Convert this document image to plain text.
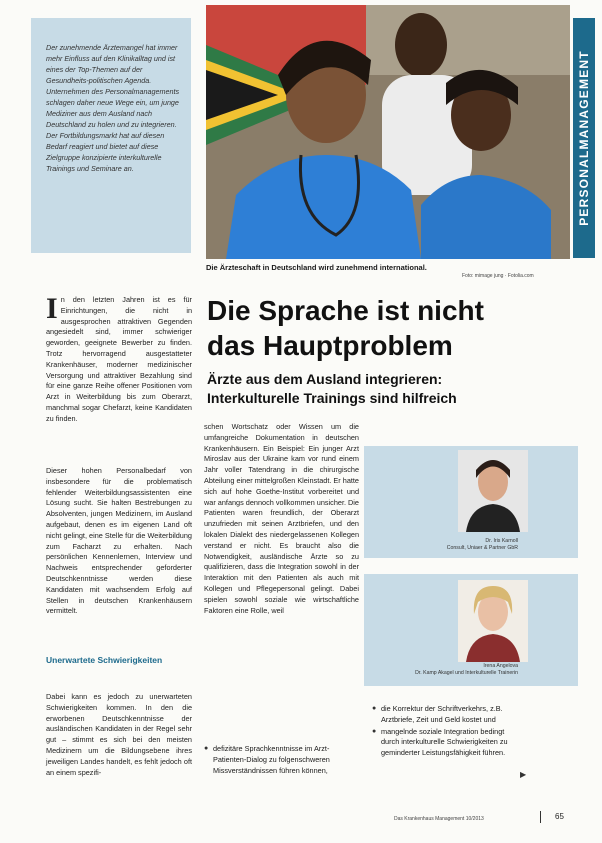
Der zunehmende Ärztemangel hat immer mehr Einfluss auf den Klinikalltag und ist eines der Top-Themen auf der Gesundheits-politischen Agenda. Unternehmen des Personalmanagements schlagen daher neue Wege ein, um junge Mediziner aus dem Ausland nach Deutschland zu holen und zu integrieren. Der Fortbildungsmarkt hat auf diesen Bedarf reagiert und bietet auf diese Zielgruppe konzipierte interkulturelle Trainings und Seminare an.

Die Ärzteschaft in Deutschland wird zunehmend international.

Foto: mimage jung · Fotolia.com

PERSONALMANAGEMENT
Die Sprache ist nicht das Hauptproblem
Ärzte aus dem Ausland integrieren: Interkulturelle Trainings sind hilfreich
In den letzten Jahren ist es für Einrichtungen, die nicht in ausgesprochen attraktiven Gegenden angesiedelt sind, immer schwieriger geworden, geeignete Bewerber zu finden. Trotz hervorragend ausgestatteter Krankenhäuser, moderner medizinischer Versorgung und attraktiver Bezahlung sind für eine ganze Reihe offener Positionen vom Arzt in Weiterbildung bis zum Oberarzt, manchmal sogar Chefarzt, keine Kandidaten zu finden.

Dieser hohen Personalbedarf von insbesondere für die problematisch fehlender Weiterbildungsassistenten eine Lösung sucht. Sie halten Bestrebungen zu Absolventen, jungen Medizinern, im Ausland aufgebaut, denen es im eigenen Land oft nicht gelingt, eine Stelle für die Weiterbildung zum Facharzt zu erhalten. Nach persönlichen Kennenlernen, Interview und Nachweis entsprechender geforderter Deutschkenntnisse werden diese Kandidaten mit wachsendem Erfolg auf Stellen in deutschen Krankenhäusern vermittelt.

Unerwartete Schwierigkeiten

Dabei kann es jedoch zu unerwarteten Schwierigkeiten kommen. In den die erworbenen Deutschkenntnisse der ausländischen Kandidaten in der Regel sehr gut – stimmt es sich bei den meisten Medizinern um die Bildungsebene ihres jeweiligen Landes handelt, es fehlt jedoch oft an einem spezifi-

schen Wortschatz oder Wissen um die umfangreiche Dokumentation in deutschen Krankenhäusern. Ein Beispiel: Ein junger Arzt Miroslav aus der Ukraine kam vor rund einem Jahr voller Tatendrang in die chirurgische Abteilung einer mittelgroßen Kleinstadt. Er hatte sich auf hohe Goethe-Institut vorbereitet und war anfangs dennoch vollkommen unsicher. Die Patienten waren freundlich, der Oberarzt unzufrieden mit seinen Arztbriefen, und den lokalen Dialekt des niedergelassenen Kollegen verstand er nicht. Es braucht also die Notwendigkeit, ausländische Ärzte so zu qualifizieren, dass die Integration sowohl in der Interaktion mit den Patienten als auch mit Kollegen und Pflegepersonal gelingt. Dabei spielen sowohl soziale wie wirtschaftliche Faktoren eine Rolle, weil

● defizitäre Sprachkenntnisse im Arzt-Patienten-Dialog zu folgenschweren Missverständnissen führen können,

Dr. Iris Karnoll
Consult, Uniaer & Partner GbR

Irena Angelova
Dr. Kamp Akagel und Interkulturelle Trainerin

● die Korrektur der Schriftverkehrs, z.B. Arztbriefe, Zeit und Geld kostet und
● mangelnde soziale Integration bedingt durch interkulturelle Schwierigkeiten zu geminderter Leistungsfähigkeit führen.
▶

Das Krankenhaus Management 10/2013	65
